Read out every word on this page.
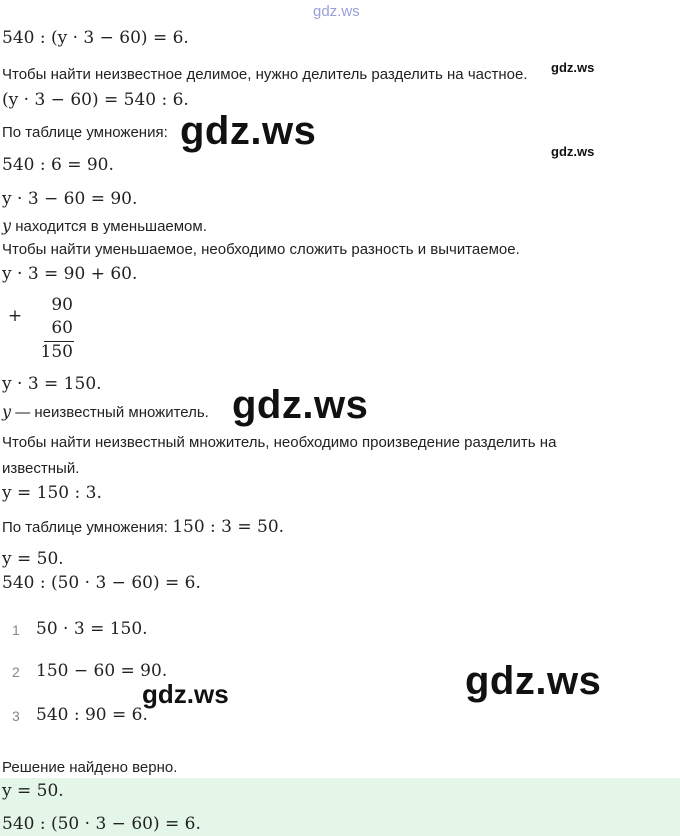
gdz.ws
gdz.ws
gdz.ws
gdz.ws
gdz.ws
gdz.ws	gdz.ws
540 : (y · 3 − 60) = 6.
Чтобы найти неизвестное делимое, нужно делитель разделить на частное.
(y · 3 − 60) = 540 : 6.
По таблице умножения:
540 : 6 = 90.
y · 3 − 60 = 90.
y находится в уменьшаемом.
Чтобы найти уменьшаемое, необходимо сложить разность и вычитаемое.
y · 3 = 90 + 60.
+
90
60
150
y · 3 = 150.
y — неизвестный множитель.
Чтобы найти неизвестный множитель, необходимо произведение разделить на
известный.
y = 150 : 3.
По таблице умножения: 150 : 3 = 50.
y = 50.
540 : (50 · 3 − 60) = 6.
1 50 · 3 = 150.
2 150 − 60 = 90.
3 540 : 90 = 6.
Решение найдено верно.
y = 50.
540 : (50 · 3 − 60) = 6.
